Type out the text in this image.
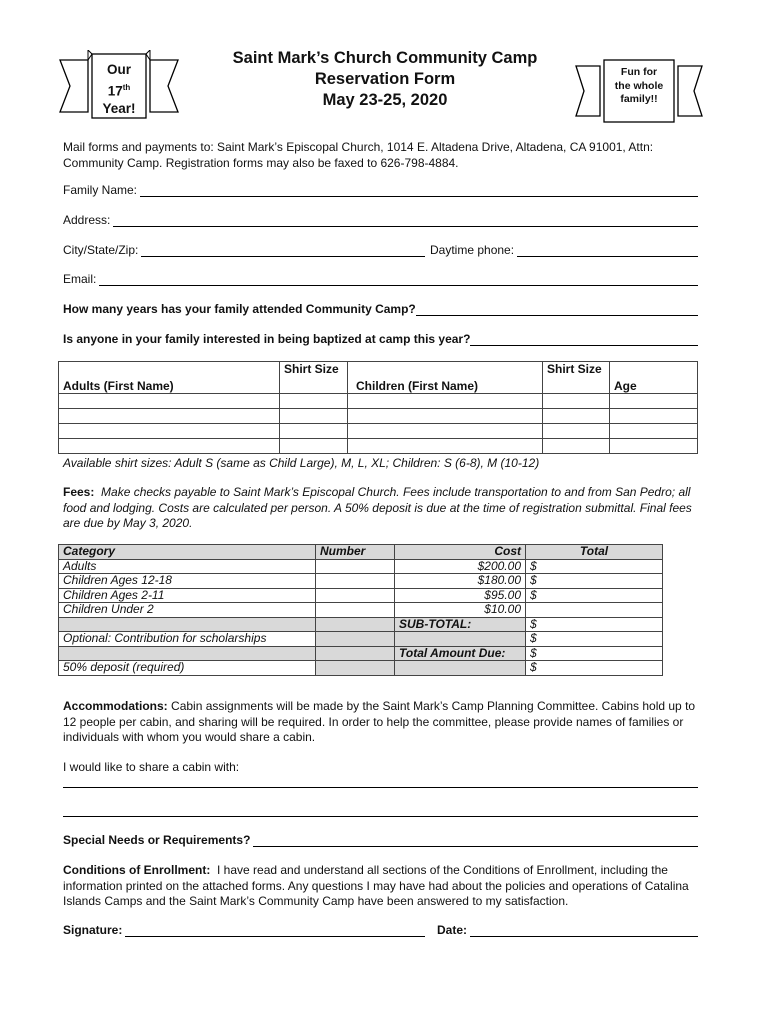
Our
17th
Year!
Saint Mark’s Church Community Camp
Reservation Form
May 23-25, 2020
Fun for
the whole
family!!
Mail forms and payments to: Saint Mark’s Episcopal Church, 1014 E. Altadena Drive, Altadena, CA 91001, Attn: Community Camp. Registration forms may also be faxed to 626-798-4884.
Family Name:
Address:
City/State/Zip:	Daytime phone:
Email:
How many years has your family attended Community Camp?
Is anyone in your family interested in being baptized at camp this year?
Adults (First Name)	Shirt Size	Children (First Name)	Shirt Size	Age

Available shirt sizes: Adult S (same as Child Large), M, L, XL; Children: S (6-8), M (10-12)
Fees: Make checks payable to Saint Mark’s Episcopal Church. Fees include transportation to and from San Pedro; all food and lodging. Costs are calculated per person. A 50% deposit is due at the time of registration submittal. Final fees are due by May 3, 2020.
Category	Number	Cost	Total
Adults		$200.00	$
Children Ages 12-18		$180.00	$
Children Ages 2-11		$95.00	$
Children Under 2		$10.00	
		SUB-TOTAL:	$
Optional: Contribution for scholarships			$
		Total Amount Due:	$
50% deposit (required)			$
Accommodations: Cabin assignments will be made by the Saint Mark’s Camp Planning Committee. Cabins hold up to 12 people per cabin, and sharing will be required. In order to help the committee, please provide names of families or individuals with whom you would share a cabin.
I would like to share a cabin with:
Special Needs or Requirements?
Conditions of Enrollment: I have read and understand all sections of the Conditions of Enrollment, including the information printed on the attached forms. Any questions I may have had about the policies and operations of Catalina Islands Camps and the Saint Mark’s Community Camp have been answered to my satisfaction.
Signature:	Date:
